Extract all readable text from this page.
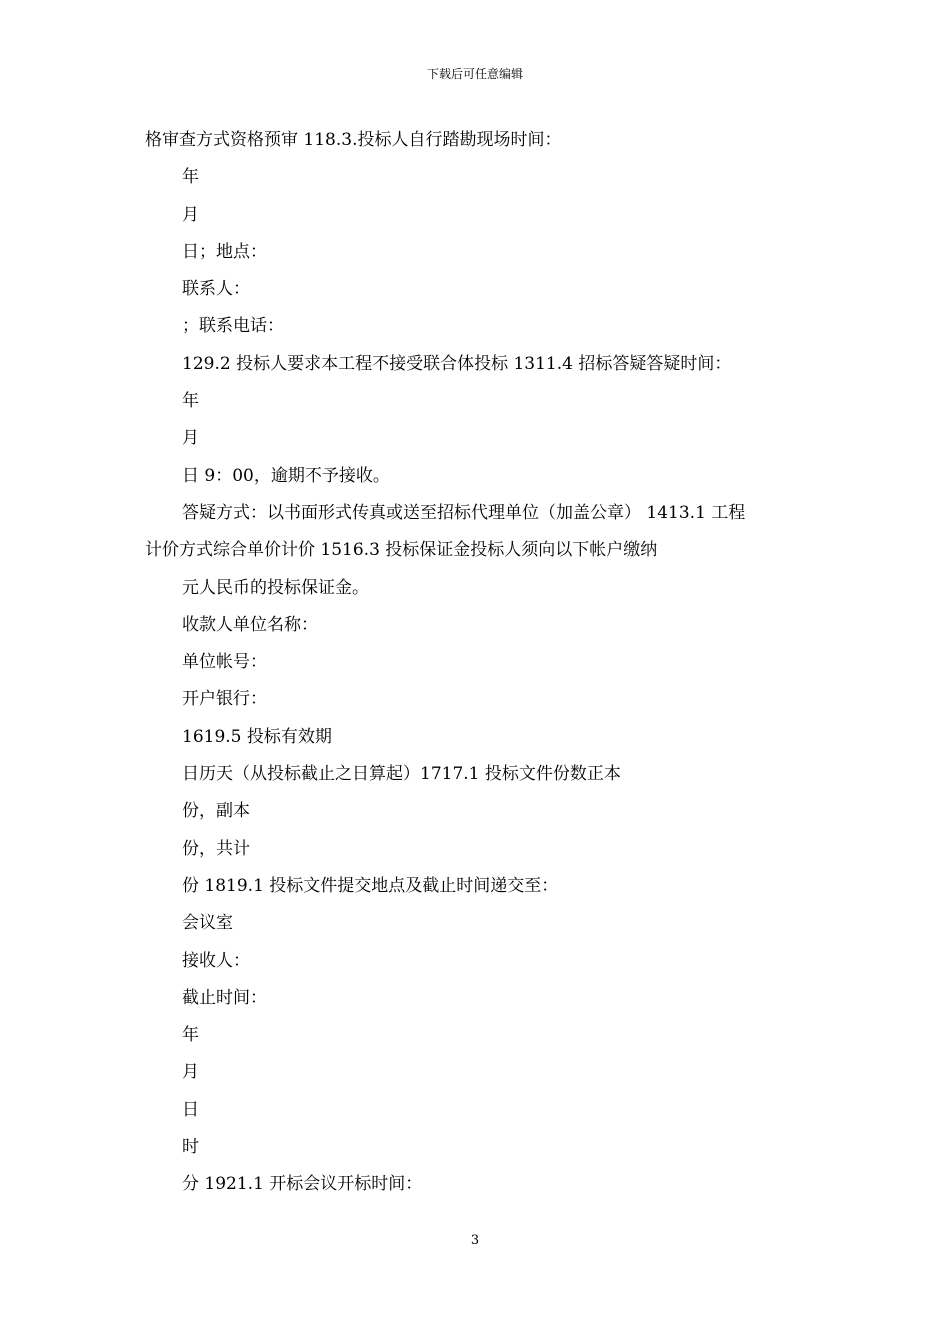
下载后可任意编辑
格审查方式资格预审 118.3.投标人自行踏勘现场时间：
年
月
日；地点：
联系人：
；联系电话：
129.2 投标人要求本工程不接受联合体投标 1311.4 招标答疑答疑时间：
年
月
日 9：00，逾期不予接收。
答疑方式：以书面形式传真或送至招标代理单位（加盖公章） 1413.1 工程
计价方式综合单价计价 1516.3 投标保证金投标人须向以下帐户缴纳
元人民币的投标保证金。
收款人单位名称：
单位帐号：
开户银行：
1619.5 投标有效期
日历天（从投标截止之日算起）1717.1 投标文件份数正本
份，副本
份，共计
份 1819.1 投标文件提交地点及截止时间递交至：
会议室
接收人：
截止时间：
年
月
日
时
分 1921.1 开标会议开标时间：
3
